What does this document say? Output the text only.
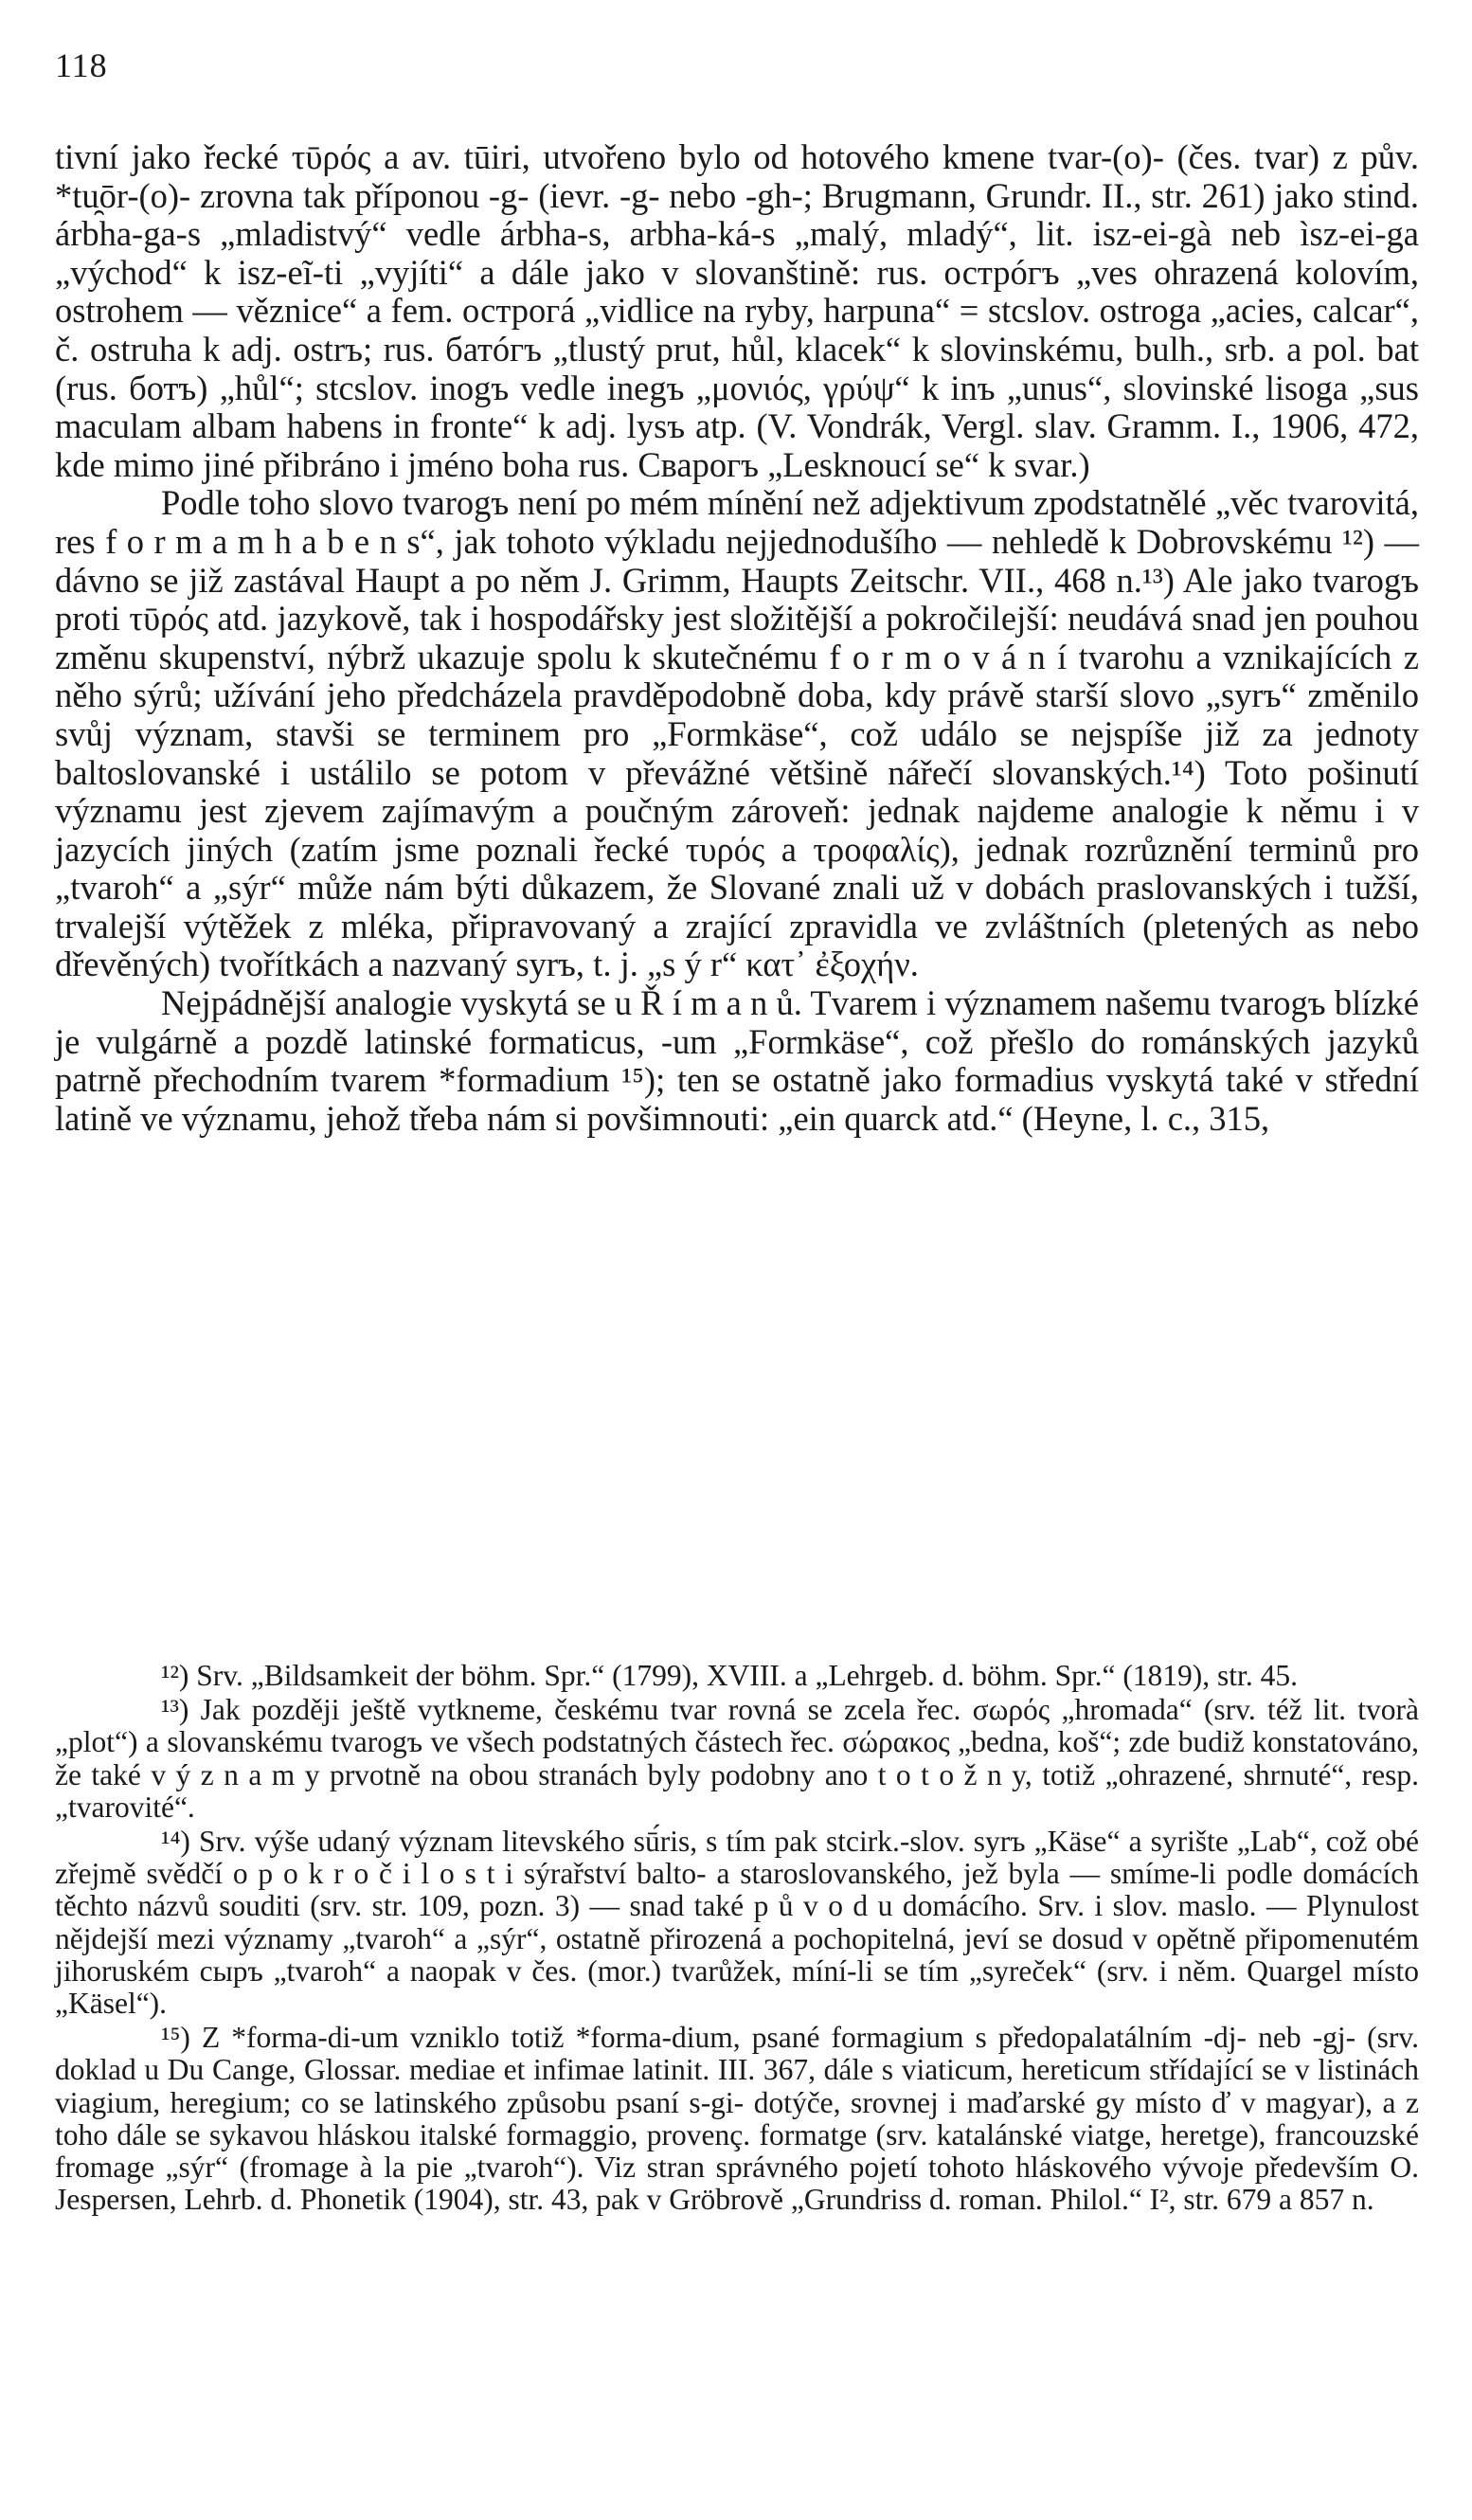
118

tivní jako řecké τῡρός a av. tūiri, utvořeno bylo od hotového kmene tvar-(o)- (čes. tvar) z pův. *tu̯ōr-(o)- zrovna tak příponou -g- (ievr. -g- nebo -gh-; Brugmann, Grundr. II., str. 261) jako stind. árbha-ga-s „mladistvý“ vedle árbha-s, arbha-ká-s „malý, mladý“, lit. isz-ei-gà neb ìsz-ei-ga „východ“ k isz-eĩ-ti „vyjíti“ a dále jako v slovanštině: rus. острóгъ „ves ohrazená kolovím, ostrohem — věznice“ a fem. острогá „vidlice na ryby, harpuna“ = stcslov. ostroga „acies, calcar“, č. ostruha k adj. ostrъ; rus. батóгъ „tlustý prut, hůl, klacek“ k slovinskému, bulh., srb. a pol. bat (rus. ботъ) „hůl“; stcslov. inogъ vedle inegъ „μονιός, γρύψ“ k inъ „unus“, slovinské lisoga „sus maculam albam habens in fronte“ k adj. lysъ atp. (V. Vondrák, Vergl. slav. Gramm. I., 1906, 472, kde mimo jiné přibráno i jméno boha rus. Сварогъ „Lesknoucí se“ k svar.)

Podle toho slovo tvarogъ není po mém mínění než adjektivum zpodstatnělé „věc tvarovitá, res f o r m a m h a b e n s“, jak tohoto výkladu nejjednodušího — nehledě k Dobrovskému ¹²) — dávno se již zastával Haupt a po něm J. Grimm, Haupts Zeitschr. VII., 468 n.¹³) Ale jako tvarogъ proti τῡρός atd. jazykově, tak i hospodářsky jest složitější a pokročilejší: neudává snad jen pouhou změnu skupenství, nýbrž ukazuje spolu k skutečnému f o r m o v á n í tvarohu a vznikajících z něho sýrů; užívání jeho předcházela pravděpodobně doba, kdy právě starší slovo „syrъ“ změnilo svůj význam, stavši se terminem pro „Formkäse“, což událo se nejspíše již za jednoty baltoslovanské i ustálilo se potom v převážné většině nářečí slovanských.¹⁴) Toto pošinutí významu jest zjevem zajímavým a poučným zároveň: jednak najdeme analogie k němu i v jazycích jiných (zatím jsme poznali řecké τυρός a τροφαλίς), jednak rozrůznění terminů pro „tvaroh“ a „sýr“ může nám býti důkazem, že Slované znali už v dobách praslovanských i tužší, trvalejší výtěžek z mléka, připravovaný a zrající zpravidla ve zvláštních (pletených as nebo dřevěných) tvořítkách a nazvaný syrъ, t. j. „s ý r“ κατ᾿ ἐξοχήν.

Nejpádnější analogie vyskytá se u Ř í m a n ů. Tvarem i významem našemu tvarogъ blízké je vulgárně a pozdě latinské formaticus, -um „Formkäse“, což přešlo do románských jazyků patrně přechodním tvarem *formadium ¹⁵); ten se ostatně jako formadius vyskytá také v střední latině ve významu, jehož třeba nám si povšimnouti: „ein quarck atd.“ (Heyne, l. c., 315,

¹²) Srv. „Bildsamkeit der böhm. Spr.“ (1799), XVIII. a „Lehrgeb. d. böhm. Spr.“ (1819), str. 45.

¹³) Jak později ještě vytkneme, českému tvar rovná se zcela řec. σωρός „hromada“ (srv. též lit. tvorà „plot“) a slovanskému tvarogъ ve všech podstatných částech řec. σώρακος „bedna, koš“; zde budiž konstatováno, že také v ý z n a m y prvotně na obou stranách byly podobny ano t o t o ž n y, totiž „ohrazené, shrnuté“, resp. „tvarovité“.

¹⁴) Srv. výše udaný význam litevského sū́ris, s tím pak stcirk.-slov. syrъ „Käse“ a syrište „Lab“, což obé zřejmě svědčí o p o k r o č i l o s t i sýrařství balto- a staroslovanského, jež byla — smíme-li podle domácích těchto názvů souditi (srv. str. 109, pozn. 3) — snad také p ů v o d u domácího. Srv. i slov. maslo. — Plynulost nějdejší mezi významy „tvaroh“ a „sýr“, ostatně přirozená a pochopitelná, jeví se dosud v opětně připomenutém jihoruském сыръ „tvaroh“ a naopak v čes. (mor.) tvarůžek, míní-li se tím „syreček“ (srv. i něm. Quargel místo „Käsel“).

¹⁵) Z *forma-di-um vzniklo totiž *forma-dium, psané formagium s předopalatálním -dj- neb -gj- (srv. doklad u Du Cange, Glossar. mediae et infimae latinit. III. 367, dále s viaticum, hereticum střídající se v listinách viagium, heregium; co se latinského způsobu psaní s-gi- dotýče, srovnej i maďarské gy místo ď v magyar), a z toho dále se sykavou hláskou italské formaggio, provenç. formatge (srv. katalánské viatge, heretge), francouzské fromage „sýr“ (fromage à la pie „tvaroh“). Viz stran správného pojetí tohoto hláskového vývoje především O. Jespersen, Lehrb. d. Phonetik (1904), str. 43, pak v Gröbrově „Grundriss d. roman. Philol.“ I², str. 679 a 857 n.
